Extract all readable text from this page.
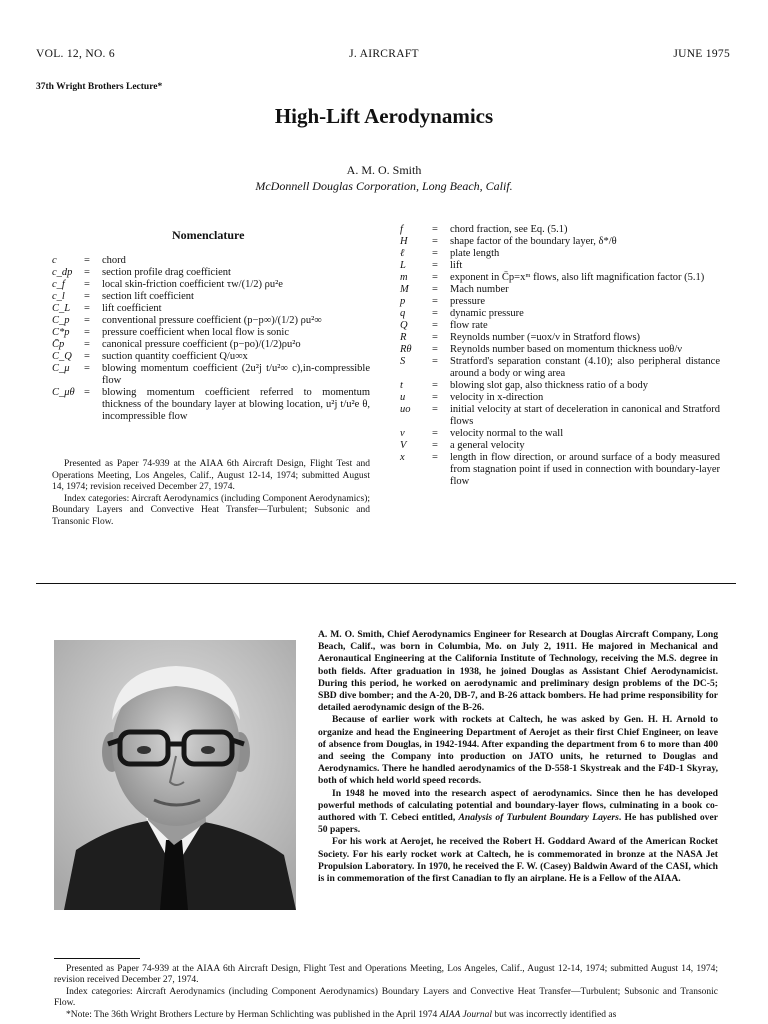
VOL. 12, NO. 6	J. AIRCRAFT	JUNE 1975
37th Wright Brothers Lecture*
High-Lift Aerodynamics
A. M. O. Smith
McDonnell Douglas Corporation, Long Beach, Calif.
Nomenclature
c	= chord
c_dp	= section profile drag coefficient
c_f	= local skin-friction coefficient τw/(1/2) ρu²e
c_l	= section lift coefficient
C_L	= lift coefficient
C_p	= conventional pressure coefficient (p−p∞)/(1/2) ρu²∞
C*p	= pressure coefficient when local flow is sonic
C̄p	= canonical pressure coefficient (p−po)/(1/2)ρu²o
C_Q	= suction quantity coefficient Q/u∞x
C_μ	= blowing momentum coefficient (2u²j t/u²∞ c),in-compressible flow
C_μθ = blowing momentum coefficient referred to momentum thickness of the boundary layer at blowing location, u²j t/u²e θ, incompressible flow
f	= chord fraction, see Eq. (5.1)
H	= shape factor of the boundary layer, δ*/θ
ℓ	= plate length
L	= lift
m	= exponent in C̄p=xᵐ flows, also lift magnification factor (5.1)
M	= Mach number
p	= pressure
q	= dynamic pressure
Q	= flow rate
R	= Reynolds number (=uox/ν in Stratford flows)
Rθ	= Reynolds number based on momentum thickness uoθ/ν
S	= Stratford's separation constant (4.10); also peripheral distance around a body or wing area
t	= blowing slot gap, also thickness ratio of a body
u	= velocity in x-direction
uo	= initial velocity at start of deceleration in canonical and Stratford flows
v	= velocity normal to the wall
V	= a general velocity
x	= length in flow direction, or around surface of a body measured from stagnation point if used in connection with boundary-layer flow

Presented as Paper 74-939 at the AIAA 6th Aircraft Design, Flight Test and Operations Meeting, Los Angeles, Calif., August 12-14, 1974; submitted August 14, 1974; revision received December 27, 1974.

Index categories: Aircraft Aerodynamics (including Component Aerodynamics); Boundary Layers and Convective Heat Transfer—Turbulent; Subsonic and Transonic Flow.

A. M. O. Smith, Chief Aerodynamics Engineer for Research at Douglas Aircraft Company, Long Beach, Calif., was born in Columbia, Mo. on July 2, 1911. He majored in Mechanical and Aeronautical Engineering at the California Institute of Technology, receiving the M.S. degree in both fields. After graduation in 1938, he joined Douglas as Assistant Chief Aerodynamicist. During this period, he worked on aerodynamic and preliminary design problems of the DC-5; SBD dive bomber; and the A-20, DB-7, and B-26 attack bombers. He had prime responsibility for detailed aerodynamic design of the B-26.

Because of earlier work with rockets at Caltech, he was asked by Gen. H. H. Arnold to organize and head the Engineering Department of Aerojet as their first Chief Engineer, on leave of absence from Douglas, in 1942-1944. After expanding the department from 6 to more than 400 and seeing the Company into production on JATO units, he returned to Douglas and Aerodynamics. There he handled aerodynamics of the D-558-1 Skystreak and the F4D-1 Skyray, both of which held world speed records.

In 1948 he moved into the research aspect of aerodynamics. Since then he has developed powerful methods of calculating potential and boundary-layer flows, culminating in a book co-authored with T. Cebeci entitled, Analysis of Turbulent Boundary Layers. He has published over 50 papers.

For his work at Aerojet, he received the Robert H. Goddard Award of the American Rocket Society. For his early rocket work at Caltech, he is commemorated in bronze at the NASA Jet Propulsion Laboratory. In 1970, he received the F. W. (Casey) Baldwin Award of the CASI, which is in commemoration of the first Canadian to fly an airplane. He is a Fellow of the AIAA.

Presented as Paper 74-939 at the AIAA 6th Aircraft Design, Flight Test and Operations Meeting, Los Angeles, Calif., August 12-14, 1974; submitted August 14, 1974; revision received December 27, 1974.

Index categories: Aircraft Aerodynamics (including Component Aerodynamics) Boundary Layers and Convective Heat Transfer—Turbulent; Subsonic and Transonic Flow.

*Note: The 36th Wright Brothers Lecture by Herman Schlichting was published in the April 1974 AIAA Journal but was incorrectly identified as
